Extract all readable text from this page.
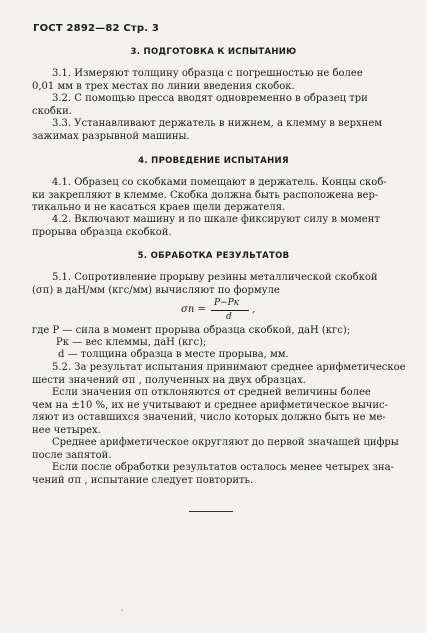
ГОСТ 2892—82 Стр. 3
3. ПОДГОТОВКА К ИСПЫТАНИЮ
3.1. Измеряют толщину образца с погрешностью не более
0,01 мм в трех местах по линии введения скобок.
3.2. С помощью пресса вводят одновременно в образец три
скобки.
3.3. Устанавливают держатель в нижнем, а клемму в верхнем
зажимах разрывной машины.
4. ПРОВЕДЕНИЕ ИСПЫТАНИЯ
4.1. Образец со скобками помещают в держатель. Концы скоб-
ки закрепляют в клемме. Скобка должна быть расположена вер-
тикально и не касаться краев щели держателя.
4.2. Включают машину и по шкале фиксируют силу в момент
прорыва образца скобкой.
5. ОБРАБОТКА РЕЗУЛЬТАТОВ
5.1. Сопротивление прорыву резины металлической скобкой
(σп) в даН/мм (кгс/мм) вычисляют по формуле
σп =
P−Pк
d
,
где P — сила в момент прорыва образца скобкой, даН (кгс);
Pк — вес клеммы, даН (кгс);
d — толщина образца в месте прорыва, мм.
5.2. За результат испытания принимают среднее арифметическое
шести значений σп , полученных на двух образцах.
Если значения σп отклоняются от средней величины более
чем на ±10 %, их не учитывают и среднее арифметическое вычис-
ляют из оставшихся значений, число которых должно быть не ме-
нее четырех.
Среднее арифметическое округляют до первой значащей цифры
после запятой.
Если после обработки результатов осталось менее четырех зна-
чений σп , испытание следует повторить.
'
